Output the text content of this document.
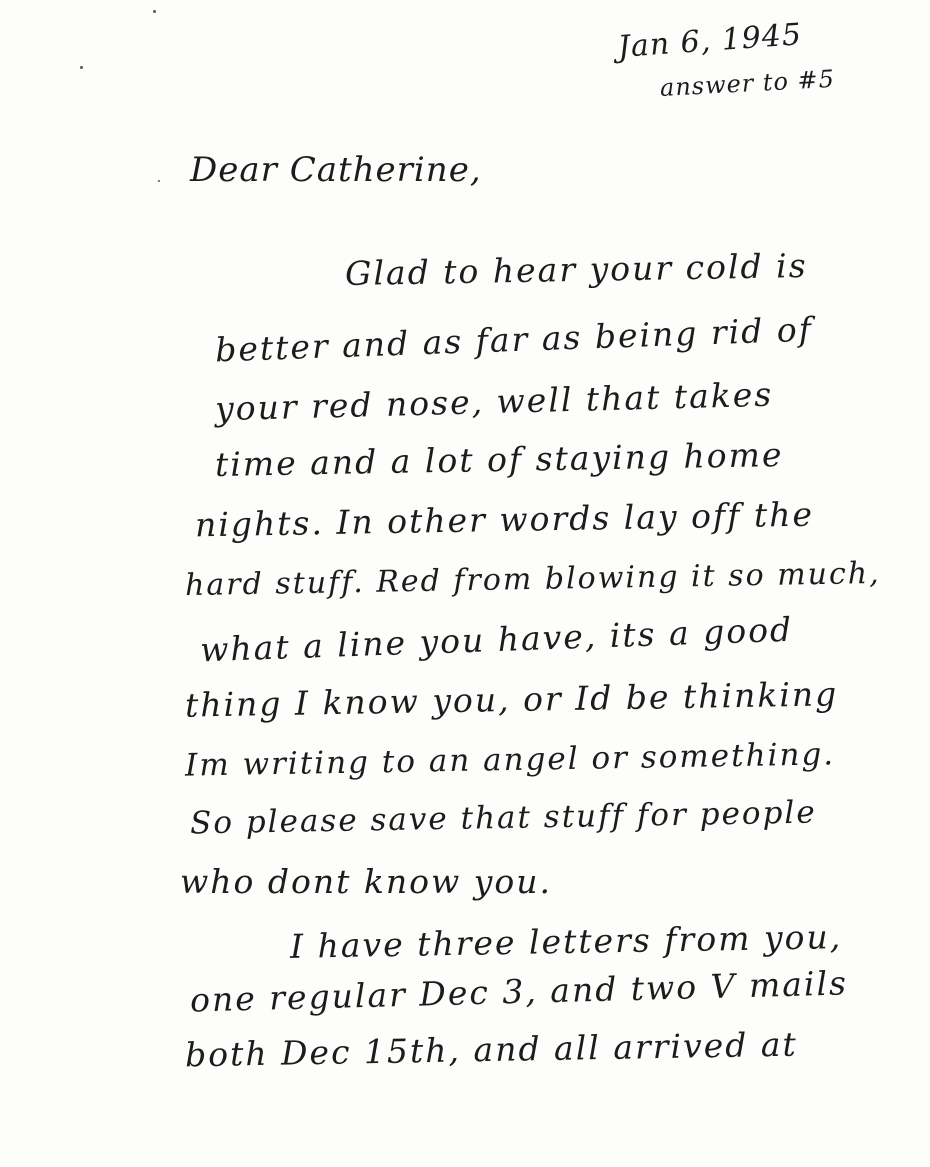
Jan 6, 1945
answer to #5
Dear Catherine,
Glad to hear your cold is
better and as far as being rid of
your red nose, well that takes
time and a lot of staying home
nights. In other words lay off the
hard stuff. Red from blowing it so much,
what a line you have, its a good
thing I know you, or Id be thinking
Im writing to an angel or something.
So please save that stuff for people
who dont know you.
I have three letters from you,
one regular Dec 3, and two V mails
both Dec 15th, and all arrived at
